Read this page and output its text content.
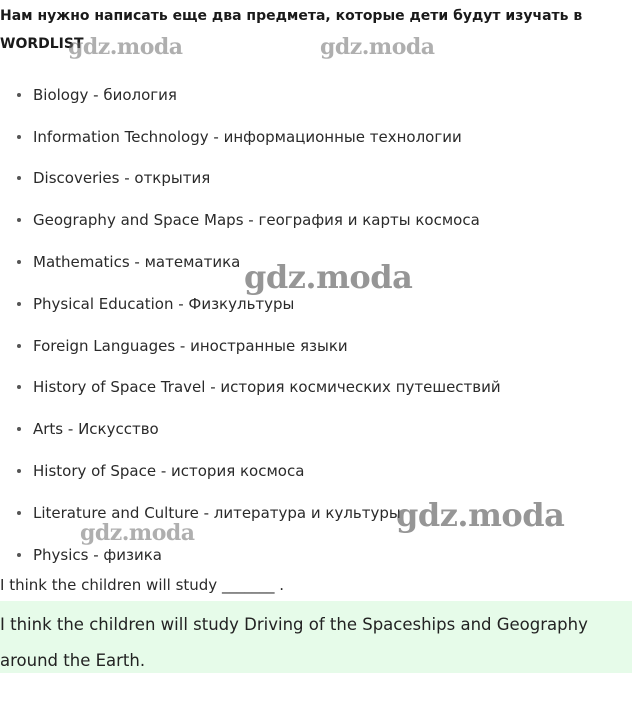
Нам нужно написать еще два предмета, которые дети будут изучать в
WORDLIST
Biology - биология
Information Technology - информационные технологии
Discoveries - открытия
Geography and Space Maps - география и карты космоса
Mathematics - математика
Physical Education - Физкультуры
Foreign Languages - иностранные языки
History of Space Travel - история космических путешествий
Arts - Искусство
History of Space - история космоса
Literature and Culture - литература и культуры
Physics - физика
I think the children will study _______ .
I think the children will study Driving of the Spaceships and Geography around the Earth.
gdz.moda	gdz.moda
gdz.moda
gdz.moda
gdz.moda
